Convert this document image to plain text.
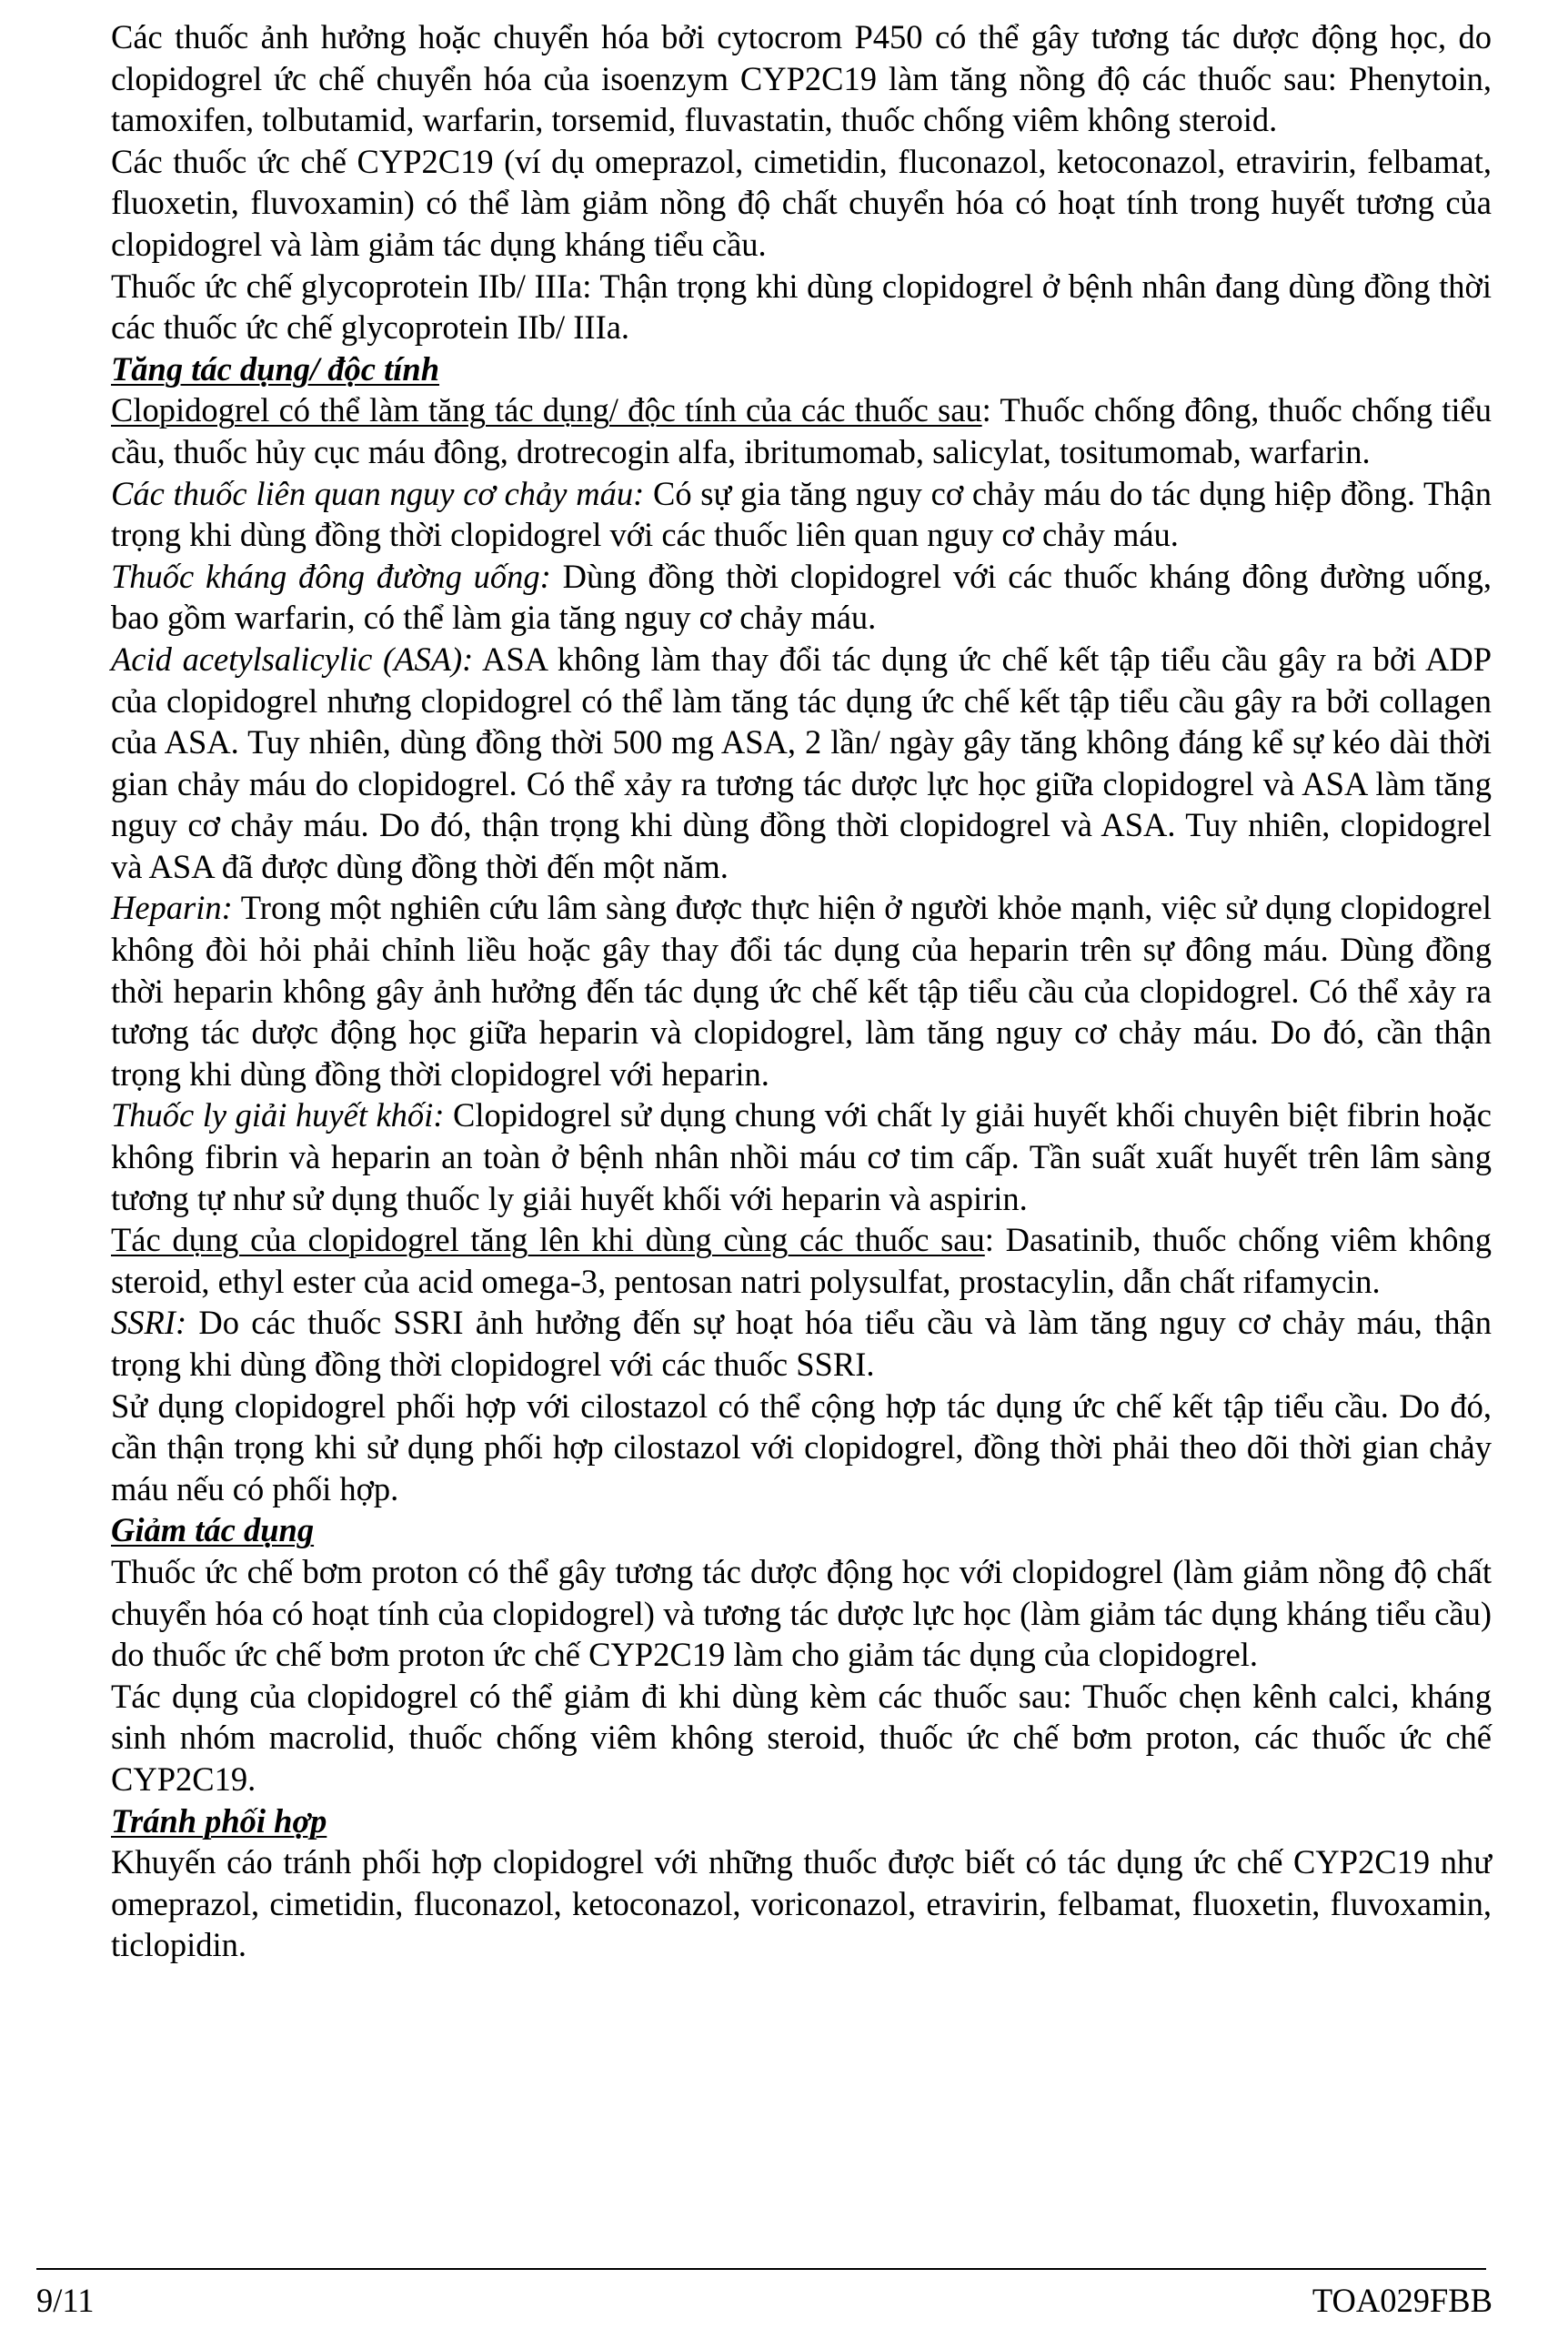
Các thuốc ảnh hưởng hoặc chuyển hóa bởi cytocrom P450 có thể gây tương tác dược động học, do clopidogrel ức chế chuyển hóa của isoenzym CYP2C19 làm tăng nồng độ các thuốc sau: Phenytoin, tamoxifen, tolbutamid, warfarin, torsemid, fluvastatin, thuốc chống viêm không steroid.

Các thuốc ức chế CYP2C19 (ví dụ omeprazol, cimetidin, fluconazol, ketoconazol, etravirin, felbamat, fluoxetin, fluvoxamin) có thể làm giảm nồng độ chất chuyển hóa có hoạt tính trong huyết tương của clopidogrel và làm giảm tác dụng kháng tiểu cầu.

Thuốc ức chế glycoprotein IIb/ IIIa: Thận trọng khi dùng clopidogrel ở bệnh nhân đang dùng đồng thời các thuốc ức chế glycoprotein IIb/ IIIa.

Tăng tác dụng/ độc tính

Clopidogrel có thể làm tăng tác dụng/ độc tính của các thuốc sau: Thuốc chống đông, thuốc chống tiểu cầu, thuốc hủy cục máu đông, drotrecogin alfa, ibritumomab, salicylat, tositumomab, warfarin.

Các thuốc liên quan nguy cơ chảy máu: Có sự gia tăng nguy cơ chảy máu do tác dụng hiệp đồng. Thận trọng khi dùng đồng thời clopidogrel với các thuốc liên quan nguy cơ chảy máu.

Thuốc kháng đông đường uống: Dùng đồng thời clopidogrel với các thuốc kháng đông đường uống, bao gồm warfarin, có thể làm gia tăng nguy cơ chảy máu.

Acid acetylsalicylic (ASA): ASA không làm thay đổi tác dụng ức chế kết tập tiểu cầu gây ra bởi ADP của clopidogrel nhưng clopidogrel có thể làm tăng tác dụng ức chế kết tập tiểu cầu gây ra bởi collagen của ASA. Tuy nhiên, dùng đồng thời 500 mg ASA, 2 lần/ ngày gây tăng không đáng kể sự kéo dài thời gian chảy máu do clopidogrel. Có thể xảy ra tương tác dược lực học giữa clopidogrel và ASA làm tăng nguy cơ chảy máu. Do đó, thận trọng khi dùng đồng thời clopidogrel và ASA. Tuy nhiên, clopidogrel và ASA đã được dùng đồng thời đến một năm.

Heparin: Trong một nghiên cứu lâm sàng được thực hiện ở người khỏe mạnh, việc sử dụng clopidogrel không đòi hỏi phải chỉnh liều hoặc gây thay đổi tác dụng của heparin trên sự đông máu. Dùng đồng thời heparin không gây ảnh hưởng đến tác dụng ức chế kết tập tiểu cầu của clopidogrel. Có thể xảy ra tương tác dược động học giữa heparin và clopidogrel, làm tăng nguy cơ chảy máu. Do đó, cần thận trọng khi dùng đồng thời clopidogrel với heparin.

Thuốc ly giải huyết khối: Clopidogrel sử dụng chung với chất ly giải huyết khối chuyên biệt fibrin hoặc không fibrin và heparin an toàn ở bệnh nhân nhồi máu cơ tim cấp. Tần suất xuất huyết trên lâm sàng tương tự như sử dụng thuốc ly giải huyết khối với heparin và aspirin.

Tác dụng của clopidogrel tăng lên khi dùng cùng các thuốc sau: Dasatinib, thuốc chống viêm không steroid, ethyl ester của acid omega-3, pentosan natri polysulfat, prostacylin, dẫn chất rifamycin.

SSRI: Do các thuốc SSRI ảnh hưởng đến sự hoạt hóa tiểu cầu và làm tăng nguy cơ chảy máu, thận trọng khi dùng đồng thời clopidogrel với các thuốc SSRI.

Sử dụng clopidogrel phối hợp với cilostazol có thể cộng hợp tác dụng ức chế kết tập tiểu cầu. Do đó, cần thận trọng khi sử dụng phối hợp cilostazol với clopidogrel, đồng thời phải theo dõi thời gian chảy máu nếu có phối hợp.

Giảm tác dụng

Thuốc ức chế bơm proton có thể gây tương tác dược động học với clopidogrel (làm giảm nồng độ chất chuyển hóa có hoạt tính của clopidogrel) và tương tác dược lực học (làm giảm tác dụng kháng tiểu cầu) do thuốc ức chế bơm proton ức chế CYP2C19 làm cho giảm tác dụng của clopidogrel.

Tác dụng của clopidogrel có thể giảm đi khi dùng kèm các thuốc sau: Thuốc chẹn kênh calci, kháng sinh nhóm macrolid, thuốc chống viêm không steroid, thuốc ức chế bơm proton, các thuốc ức chế CYP2C19.

Tránh phối hợp

Khuyến cáo tránh phối hợp clopidogrel với những thuốc được biết có tác dụng ức chế CYP2C19 như omeprazol, cimetidin, fluconazol, ketoconazol, voriconazol, etravirin, felbamat, fluoxetin, fluvoxamin, ticlopidin.

9/11	TOA029FBB
